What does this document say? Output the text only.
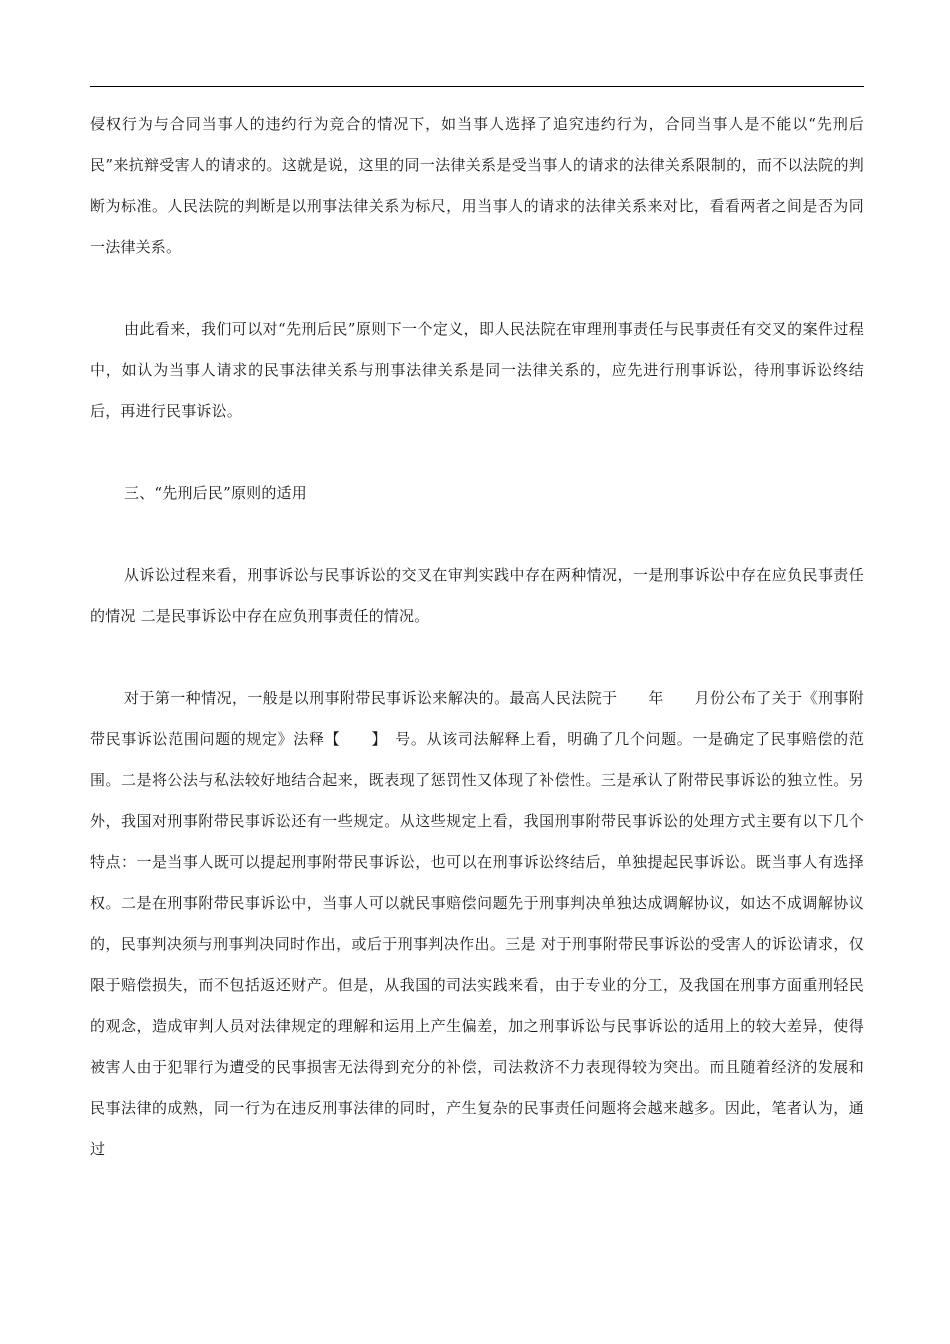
侵权行为与合同当事人的违约行为竞合的情况下，如当事人选择了追究违约行为，合同当事人是不能以“先刑后民”来抗辩受害人的请求的。这就是说，这里的同一法律关系是受当事人的请求的法律关系限制的，而不以法院的判断为标准。人民法院的判断是以刑事法律关系为标尺，用当事人的请求的法律关系来对比，看看两者之间是否为同一法律关系。

由此看来，我们可以对“先刑后民”原则下一个定义，即人民法院在审理刑事责任与民事责任有交叉的案件过程中，如认为当事人请求的民事法律关系与刑事法律关系是同一法律关系的，应先进行刑事诉讼，待刑事诉讼终结后，再进行民事诉讼。

三、“先刑后民”原则的适用

从诉讼过程来看，刑事诉讼与民事诉讼的交叉在审判实践中存在两种情况，一是刑事诉讼中存在应负民事责任的情况 二是民事诉讼中存在应负刑事责任的情况。

对于第一种情况，一般是以刑事附带民事诉讼来解决的。最高人民法院于　　年　　月份公布了关于《刑事附带民事诉讼范围问题的规定》法释【　　】　号。从该司法解释上看，明确了几个问题。一是确定了民事赔偿的范围。二是将公法与私法较好地结合起来，既表现了惩罚性又体现了补偿性。三是承认了附带民事诉讼的独立性。另外，我国对刑事附带民事诉讼还有一些规定。从这些规定上看，我国刑事附带民事诉讼的处理方式主要有以下几个特点：一是当事人既可以提起刑事附带民事诉讼，也可以在刑事诉讼终结后，单独提起民事诉讼。既当事人有选择权。二是在刑事附带民事诉讼中，当事人可以就民事赔偿问题先于刑事判决单独达成调解协议，如达不成调解协议的，民事判决须与刑事判决同时作出，或后于刑事判决作出。三是 对于刑事附带民事诉讼的受害人的诉讼请求，仅限于赔偿损失，而不包括返还财产。但是，从我国的司法实践来看，由于专业的分工，及我国在刑事方面重刑轻民的观念，造成审判人员对法律规定的理解和运用上产生偏差，加之刑事诉讼与民事诉讼的适用上的较大差异，使得被害人由于犯罪行为遭受的民事损害无法得到充分的补偿，司法救济不力表现得较为突出。而且随着经济的发展和民事法律的成熟，同一行为在违反刑事法律的同时，产生复杂的民事责任问题将会越来越多。因此，笔者认为，通过
